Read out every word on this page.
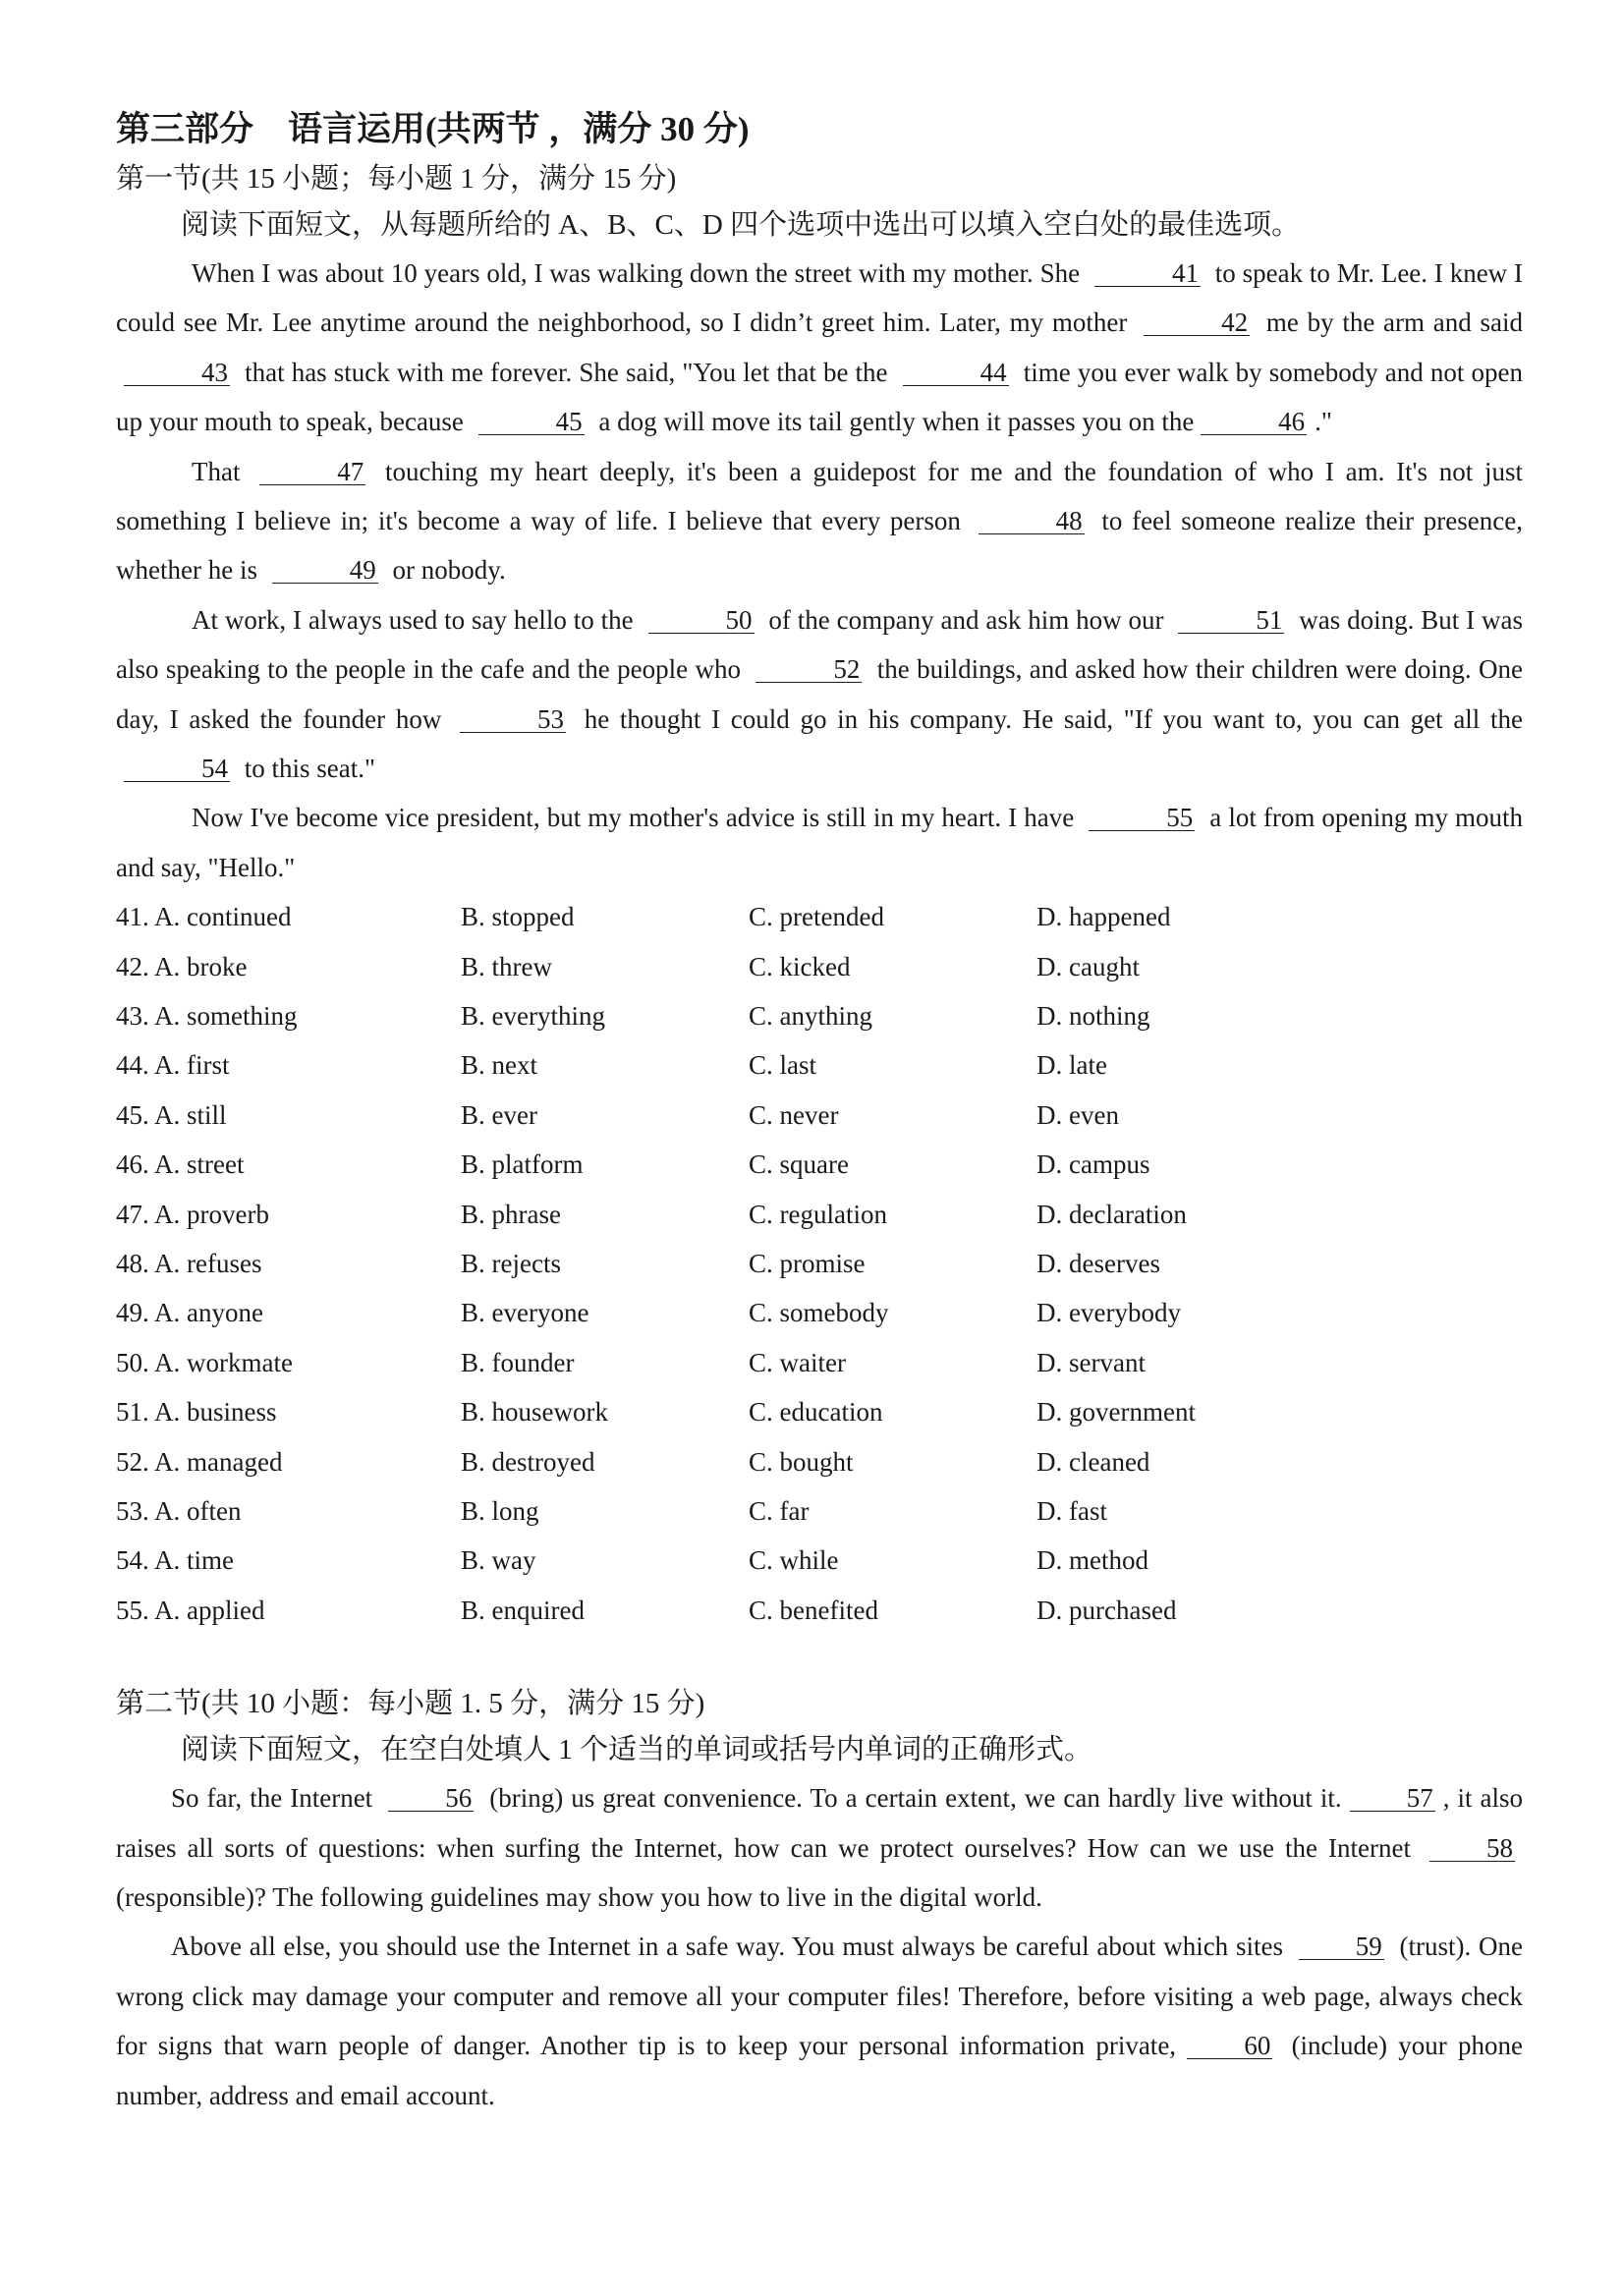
第三部分    语言运用(共两节 ，满分 30 分)
第一节(共 15 小题；每小题 1 分，满分 15 分)
阅读下面短文，从每题所给的 A、B、C、D 四个选项中选出可以填入空白处的最佳选项。

When I was about 10 years old, I was walking down the street with my mother. She	41 to speak to Mr. Lee. I knew I could see Mr. Lee anytime around the neighborhood, so I didn’t greet him. Later, my mother	42 me by the arm and said 43 that has stuck with me forever. She said, "You let that be the	44 time you ever walk by somebody and not open up your mouth to speak, because	45 a dog will move its tail gently when it passes you on the	46 ."

That	47 touching my heart deeply, it's been a guidepost for me and the foundation of who I am. It's not just something I believe in; it's become a way of life. I believe that every person	48 to feel someone realize their presence, whether he is	49 or nobody.

At work, I always used to say hello to the	50 of the company and ask him how our	51 was doing. But I was also speaking to the people in the cafe and the people who	52 the buildings, and asked how their children were doing. One day, I asked the founder how	53 he thought I could go in his company. He said, "If you want to, you can get all the 54 to this seat."

Now I've become vice president, but my mother's advice is still in my heart. I have	55 a lot from opening my mouth and say, "Hello."

41. A. continued	B. stopped	C. pretended	D. happened
42. A. broke	B. threw	C. kicked	D. caught
43. A. something	B. everything	C. anything	D. nothing
44. A. first	B. next	C. last	D. late
45. A. still	B. ever	C. never	D. even
46. A. street	B. platform	C. square	D. campus
47. A. proverb	B. phrase	C. regulation	D. declaration
48. A. refuses	B. rejects	C. promise	D. deserves
49. A. anyone	B. everyone	C. somebody	D. everybody
50. A. workmate	B. founder	C. waiter	D. servant
51. A. business	B. housework	C. education	D. government
52. A. managed	B. destroyed	C. bought	D. cleaned
53. A. often	B. long	C. far	D. fast
54. A. time	B. way	C. while	D. method
55. A. applied	B. enquired	C. benefited	D. purchased
第二节(共 10 小题：每小题 1. 5 分，满分 15 分)
阅读下面短文，在空白处填人 1 个适当的单词或括号内单词的正确形式。

So far, the Internet 56 (bring) us great convenience. To a certain extent, we can hardly live without it. 57 , it also raises all sorts of questions: when surfing the Internet, how can we protect ourselves? How can we use the Internet 58 (responsible)? The following guidelines may show you how to live in the digital world.

Above all else, you should use the Internet in a safe way. You must always be careful about which sites 59 (trust). One wrong click may damage your computer and remove all your computer files! Therefore, before visiting a web page, always check for signs that warn people of danger. Another tip is to keep your personal information private, 60 (include) your phone number, address and email account.
